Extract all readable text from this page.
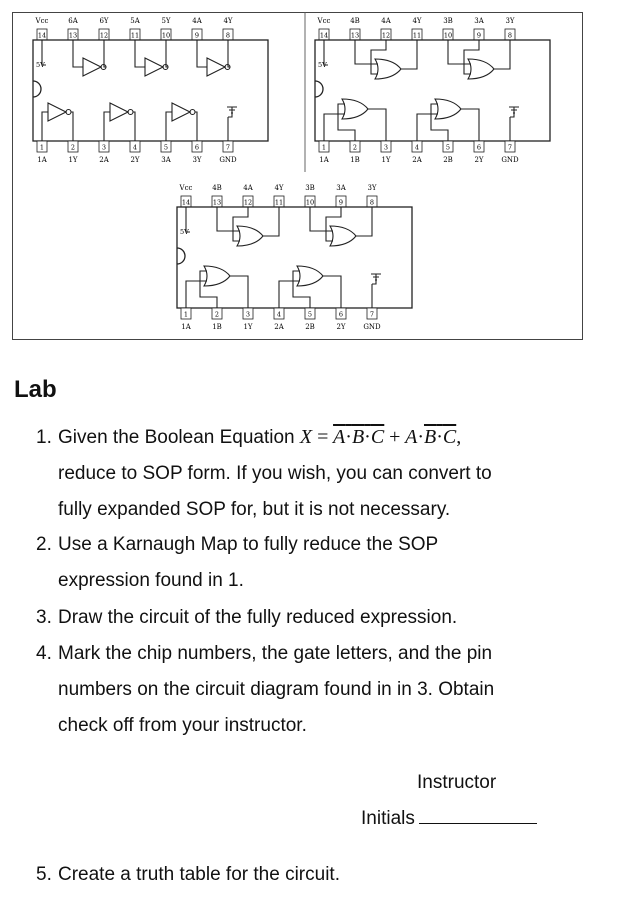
Vcc
14
6A
13
6Y
12
5A
11
5Y
10
4A
9
4Y
8
1
1A
2
1Y
3
2A
4
2Y
5
3A
6
3Y
7
GND
5V
Vcc
14
4B
13
4A
12
4Y
11
3B
10
3A
9
3Y
8
1
1A
2
1B
3
1Y
4
2A
5
2B
6
2Y
7
GND
5V
Vcc
14
4B
13
4A
12
4Y
11
3B
10
3A
9
3Y
8
1
1A
2
1B
3
1Y
4
2A
5
2B
6
2Y
7
GND
5V
Lab
1. Given the Boolean Equation X = A·B·C + A·B·C,
reduce to SOP form. If you wish, you can convert to
fully expanded SOP for, but it is not necessary.
2. Use a Karnaugh Map to fully reduce the SOP
expression found in 1.
3. Draw the circuit of the fully reduced expression.
4. Mark the chip numbers, the gate letters, and the pin
numbers on the circuit diagram found in in 3. Obtain
check off from your instructor.
Instructor
Initials
5. Create a truth table for the circuit.
